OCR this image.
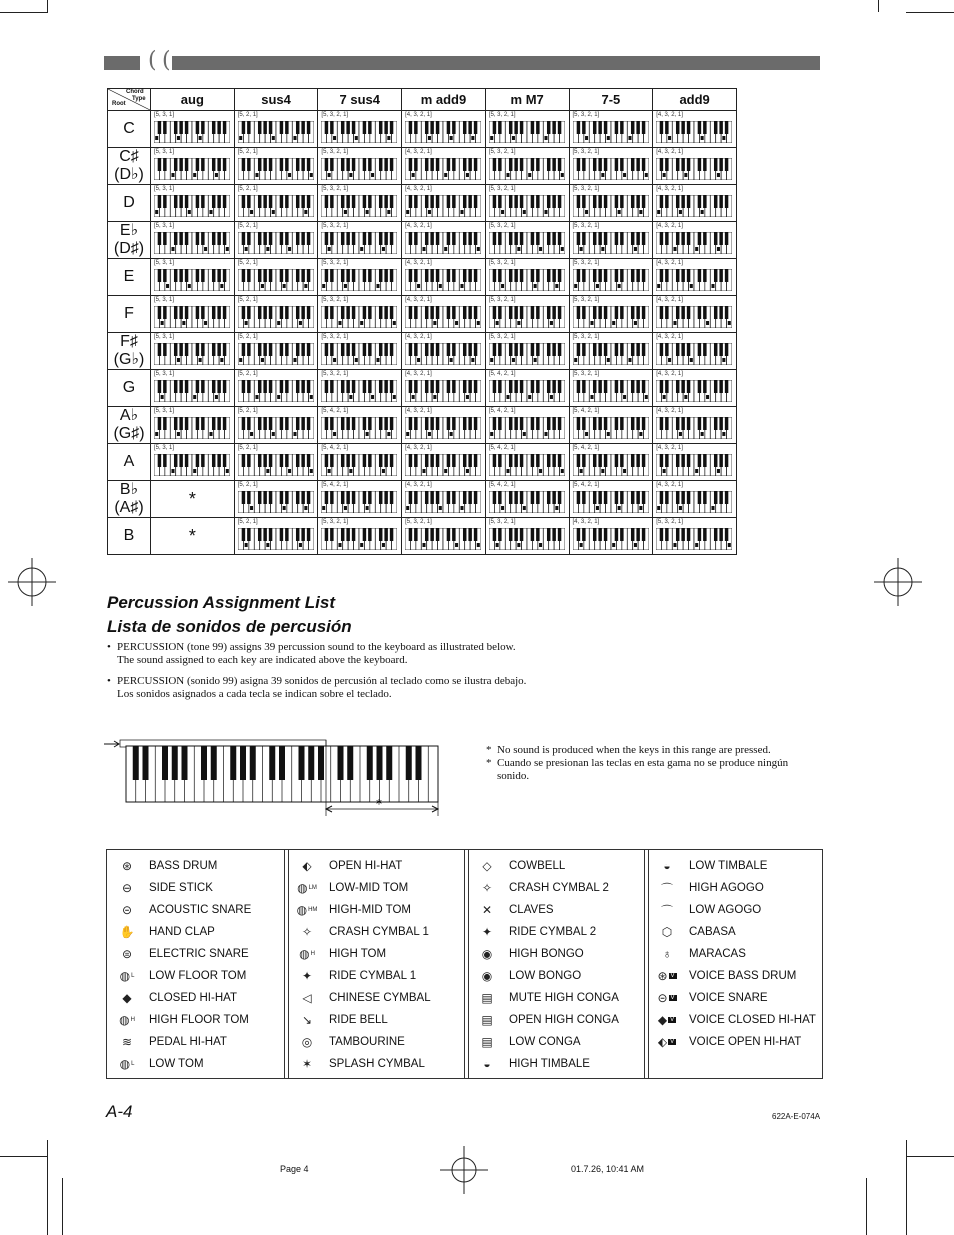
( (
Chord
Type
Root	aug	sus4	7 sus4	m add9	m M7	7-5	add9

C	[5, 3, 1]	[5, 2, 1]	[5, 3, 2, 1]	[4, 3, 2, 1]	[5, 3, 2, 1]	[5, 3, 2, 1]	[4, 3, 2, 1]

C♯
(D♭)	[5, 3, 1]	[5, 2, 1]	[5, 3, 2, 1]	[4, 3, 2, 1]	[5, 3, 2, 1]	[5, 3, 2, 1]	[4, 3, 2, 1]

D	[5, 3, 1]	[5, 2, 1]	[5, 3, 2, 1]	[4, 3, 2, 1]	[5, 3, 2, 1]	[5, 3, 2, 1]	[4, 3, 2, 1]

E♭
(D♯)	[5, 3, 1]	[5, 2, 1]	[5, 3, 2, 1]	[4, 3, 2, 1]	[5, 3, 2, 1]	[5, 3, 2, 1]	[4, 3, 2, 1]

E	[5, 3, 1]	[5, 2, 1]	[5, 3, 2, 1]	[4, 3, 2, 1]	[5, 3, 2, 1]	[5, 3, 2, 1]	[4, 3, 2, 1]

F	[5, 3, 1]	[5, 2, 1]	[5, 3, 2, 1]	[4, 3, 2, 1]	[5, 3, 2, 1]	[5, 3, 2, 1]	[4, 3, 2, 1]

F♯
(G♭)	[5, 3, 1]	[5, 2, 1]	[5, 3, 2, 1]	[4, 3, 2, 1]	[5, 3, 2, 1]	[5, 3, 2, 1]	[4, 3, 2, 1]

G	[5, 3, 1]	[5, 2, 1]	[5, 3, 2, 1]	[4, 3, 2, 1]	[5, 4, 2, 1]	[5, 3, 2, 1]	[4, 3, 2, 1]

A♭
(G♯)	[5, 3, 1]	[5, 2, 1]	[5, 4, 2, 1]	[4, 3, 2, 1]	[5, 4, 2, 1]	[5, 4, 2, 1]	[4, 3, 2, 1]

A	[5, 3, 1]	[5, 2, 1]	[5, 4, 2, 1]	[4, 3, 2, 1]	[5, 4, 2, 1]	[5, 4, 2, 1]	[4, 3, 2, 1]

B♭
(A♯)	*	[5, 2, 1]	[5, 4, 2, 1]	[4, 3, 2, 1]	[5, 4, 2, 1]	[5, 4, 2, 1]	[4, 3, 2, 1]

B	*	[5, 2, 1]	[5, 3, 2, 1]	[5, 3, 2, 1]	[5, 3, 2, 1]	[4, 3, 2, 1]	[5, 3, 2, 1]
Percussion Assignment List
Lista de sonidos de percusión
• PERCUSSION (tone 99) assigns 39 percussion sound to the keyboard as illustrated below.
The sound assigned to each key are indicated above the keyboard.
• PERCUSSION (sonido 99) asigna 39 sonidos de percusión al teclado como se ilustra debajo.
Los sonidos asignados a cada tecla se indican sobre el teclado.
*
* No sound is produced when the keys in this range are pressed.
* Cuando se presionan las teclas en esta gama no se produce ningún
sonido.
⊛	BASS DRUM
⊖	SIDE STICK
⊝	ACOUSTIC SNARE
✋	HAND CLAP
⊜	ELECTRIC SNARE
◍ L LOW FLOOR TOM
◆	CLOSED HI-HAT
◍ H HIGH FLOOR TOM
≋	PEDAL HI-HAT
◍ L LOW TOM
⬖	OPEN HI-HAT
◍ LM LOW-MID TOM
◍ HM HIGH-MID TOM
✧	CRASH CYMBAL 1
◍ H HIGH TOM
✦	RIDE CYMBAL 1
◁	CHINESE CYMBAL
↘	RIDE BELL
◎	TAMBOURINE
✶	SPLASH CYMBAL
◇	COWBELL
✧	CRASH CYMBAL 2
✕	CLAVES
✦	RIDE CYMBAL 2
◉	HIGH BONGO
◉	LOW BONGO
▤	MUTE HIGH CONGA
▤	OPEN HIGH CONGA
▤	LOW CONGA
◒	HIGH TIMBALE
◒	LOW TIMBALE
⌒	HIGH AGOGO
⌒	LOW AGOGO
⬡	CABASA
♁	MARACAS
⊛ V VOICE BASS DRUM
⊝ V VOICE SNARE
◆ V VOICE CLOSED HI-HAT
⬖ V VOICE OPEN HI-HAT
A-4	622A-E-074A
Page 4	01.7.26, 10:41 AM
